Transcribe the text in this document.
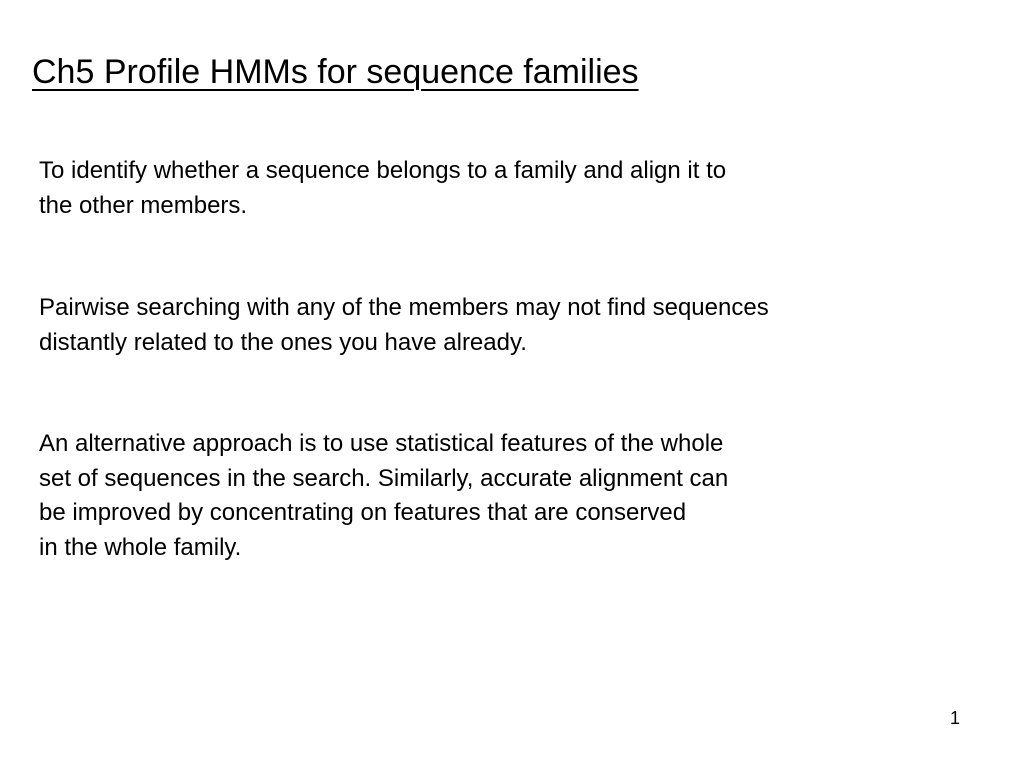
Ch5 Profile HMMs for sequence families

To identify whether a sequence belongs to a family and align it to
the other members.

Pairwise searching with any of the members may not find sequences
distantly related to the ones you have already.

An alternative approach is to use statistical features of the whole
set of sequences in the search. Similarly, accurate alignment can
be improved by concentrating on features that are conserved
in the whole family.

1
